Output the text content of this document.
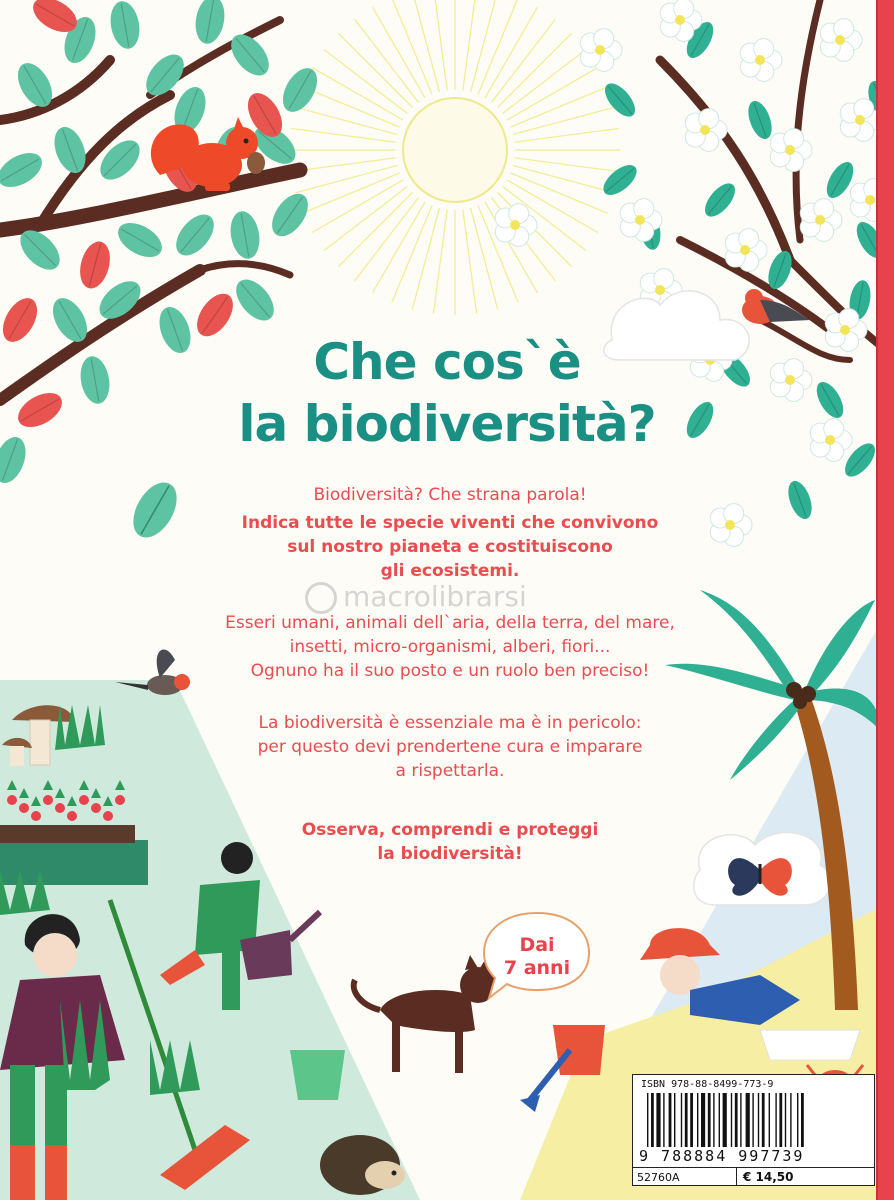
Che cos`è
la biodiversità?
Biodiversità? Che strana parola!
Indica tutte le specie viventi che convivono
sul nostro pianeta e costituiscono
gli ecosistemi.
Esseri umani, animali dell`aria, della terra, del mare,
insetti, micro-organismi, alberi, fiori...
Ognuno ha il suo posto e un ruolo ben preciso!
La biodiversità è essenziale ma è in pericolo:
per questo devi prendertene cura e imparare
a rispettarla.
Osserva, comprendi e proteggi
la biodiversità!
macrolibrarsi
Dai
7 anni
ISBN 978-88-8499-773-9
9 788884 997739
52760A	€ 14,50
